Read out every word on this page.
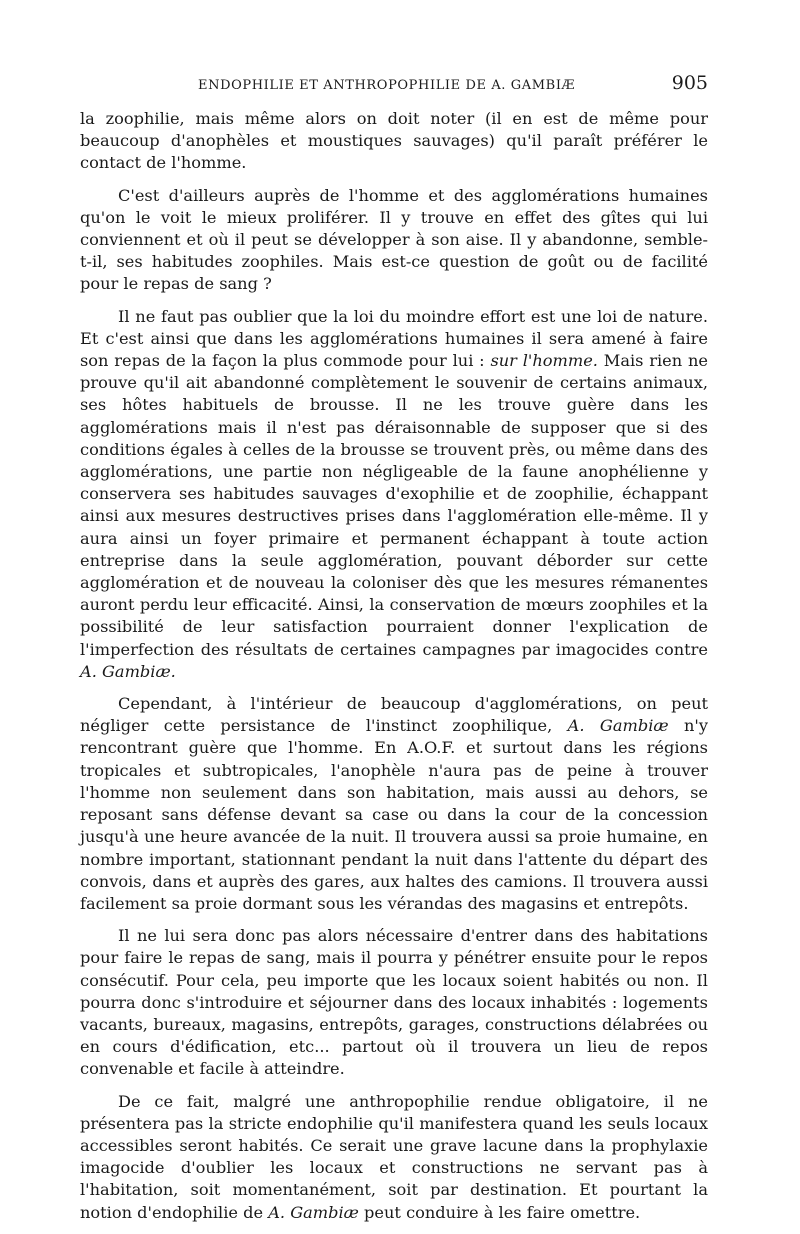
ENDOPHILIE ET ANTHROPOPHILIE DE A. GAMBIÆ	905

la zoophilie, mais même alors on doit noter (il en est de même pour beaucoup d'anophèles et moustiques sauvages) qu'il paraît préférer le contact de l'homme.

C'est d'ailleurs auprès de l'homme et des agglomérations humaines qu'on le voit le mieux proliférer. Il y trouve en effet des gîtes qui lui conviennent et où il peut se développer à son aise. Il y abandonne, semble-t-il, ses habitudes zoophiles. Mais est-ce question de goût ou de facilité pour le repas de sang ?

Il ne faut pas oublier que la loi du moindre effort est une loi de nature. Et c'est ainsi que dans les agglomérations humaines il sera amené à faire son repas de la façon la plus commode pour lui : sur l'homme. Mais rien ne prouve qu'il ait abandonné complètement le souvenir de certains animaux, ses hôtes habituels de brousse. Il ne les trouve guère dans les agglomérations mais il n'est pas déraisonnable de supposer que si des conditions égales à celles de la brousse se trouvent près, ou même dans des agglomérations, une partie non négligeable de la faune anophélienne y conservera ses habitudes sauvages d'exophilie et de zoophilie, échappant ainsi aux mesures destructives prises dans l'agglomération elle-même. Il y aura ainsi un foyer primaire et permanent échappant à toute action entreprise dans la seule agglomération, pouvant déborder sur cette agglomération et de nouveau la coloniser dès que les mesures rémanentes auront perdu leur efficacité. Ainsi, la conservation de mœurs zoophiles et la possibilité de leur satisfaction pourraient donner l'explication de l'imperfection des résultats de certaines campagnes par imagocides contre A. Gambiæ.

Cependant, à l'intérieur de beaucoup d'agglomérations, on peut négliger cette persistance de l'instinct zoophilique, A. Gambiæ n'y rencontrant guère que l'homme. En A.O.F. et surtout dans les régions tropicales et subtropicales, l'anophèle n'aura pas de peine à trouver l'homme non seulement dans son habitation, mais aussi au dehors, se reposant sans défense devant sa case ou dans la cour de la concession jusqu'à une heure avancée de la nuit. Il trouvera aussi sa proie humaine, en nombre important, stationnant pendant la nuit dans l'attente du départ des convois, dans et auprès des gares, aux haltes des camions. Il trouvera aussi facilement sa proie dormant sous les vérandas des magasins et entrepôts.

Il ne lui sera donc pas alors nécessaire d'entrer dans des habitations pour faire le repas de sang, mais il pourra y pénétrer ensuite pour le repos consécutif. Pour cela, peu importe que les locaux soient habités ou non. Il pourra donc s'introduire et séjourner dans des locaux inhabités : logements vacants, bureaux, magasins, entrepôts, garages, constructions délabrées ou en cours d'édification, etc... partout où il trouvera un lieu de repos convenable et facile à atteindre.

De ce fait, malgré une anthropophilie rendue obligatoire, il ne présentera pas la stricte endophilie qu'il manifestera quand les seuls locaux accessibles seront habités. Ce serait une grave lacune dans la prophylaxie imagocide d'oublier les locaux et constructions ne servant pas à l'habitation, soit momentanément, soit par destination. Et pourtant la notion d'endophilie de A. Gambiæ peut conduire à les faire omettre.
